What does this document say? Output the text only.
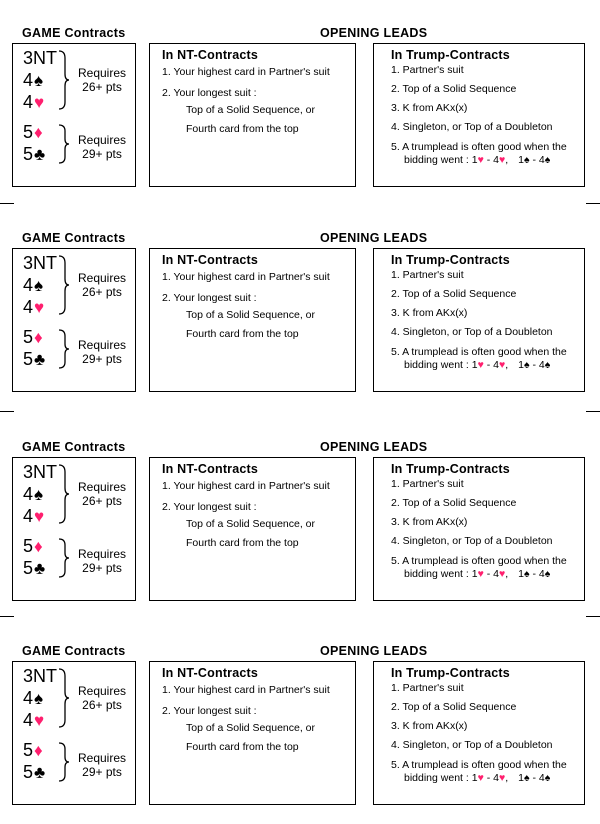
GAME Contracts	OPENING LEADS
3NT
4♠
4♥
Requires
26+ pts
5♦
5♣
Requires
29+ pts
In NT-Contracts
1. Your highest card in Partner's suit
2. Your longest suit :
Top of a Solid Sequence, or
Fourth card from the top
In Trump-Contracts
1. Partner's suit
2. Top of a Solid Sequence
3. K from AKx(x)
4. Singleton, or Top of a Doubleton
5. A trumplead is often good when the
bidding went : 1♥ - 4♥, 1♠ - 4♠
GAME Contracts	OPENING LEADS
3NT
4♠
4♥
Requires
26+ pts
5♦
5♣
Requires
29+ pts
In NT-Contracts
1. Your highest card in Partner's suit
2. Your longest suit :
Top of a Solid Sequence, or
Fourth card from the top
In Trump-Contracts
1. Partner's suit
2. Top of a Solid Sequence
3. K from AKx(x)
4. Singleton, or Top of a Doubleton
5. A trumplead is often good when the
bidding went : 1♥ - 4♥, 1♠ - 4♠
GAME Contracts	OPENING LEADS
3NT
4♠
4♥
Requires
26+ pts
5♦
5♣
Requires
29+ pts
In NT-Contracts
1. Your highest card in Partner's suit
2. Your longest suit :
Top of a Solid Sequence, or
Fourth card from the top
In Trump-Contracts
1. Partner's suit
2. Top of a Solid Sequence
3. K from AKx(x)
4. Singleton, or Top of a Doubleton
5. A trumplead is often good when the
bidding went : 1♥ - 4♥, 1♠ - 4♠
GAME Contracts	OPENING LEADS
3NT
4♠
4♥
Requires
26+ pts
5♦
5♣
Requires
29+ pts
In NT-Contracts
1. Your highest card in Partner's suit
2. Your longest suit :
Top of a Solid Sequence, or
Fourth card from the top
In Trump-Contracts
1. Partner's suit
2. Top of a Solid Sequence
3. K from AKx(x)
4. Singleton, or Top of a Doubleton
5. A trumplead is often good when the
bidding went : 1♥ - 4♥, 1♠ - 4♠
